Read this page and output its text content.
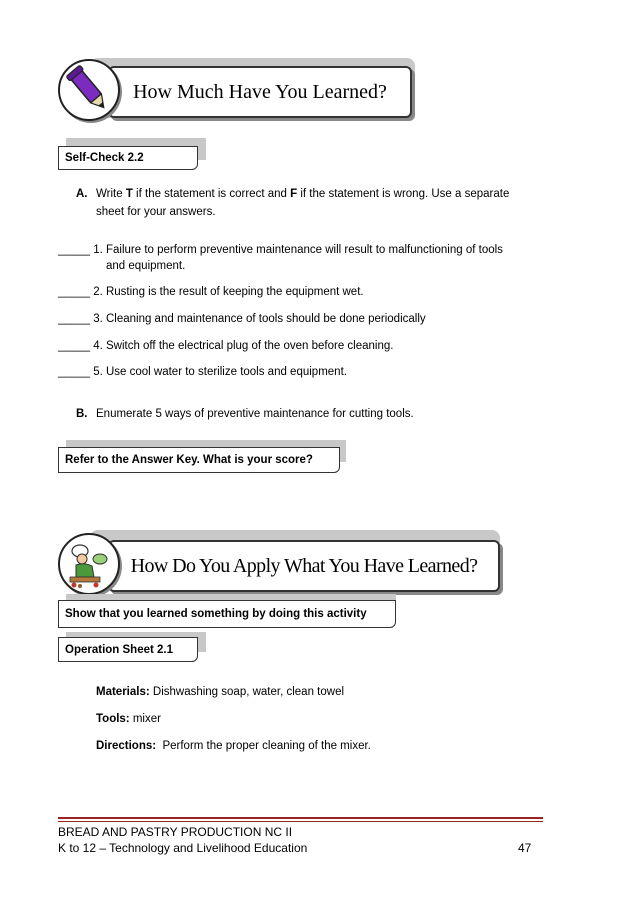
How Much Have You Learned?
Self-Check 2.2
A. Write T if the statement is correct and F if the statement is wrong. Use a separate
sheet for your answers.
_____ 1. Failure to perform preventive maintenance will result to malfunctioning of tools
and equipment.
_____ 2. Rusting is the result of keeping the equipment wet.
_____ 3. Cleaning and maintenance of tools should be done periodically
_____ 4. Switch off the electrical plug of the oven before cleaning.
_____ 5. Use cool water to sterilize tools and equipment.
B. Enumerate 5 ways of preventive maintenance for cutting tools.
Refer to the Answer Key. What is your score?
How Do You Apply What You Have Learned?
Show that you learned something by doing this activity
Operation Sheet 2.1
Materials: Dishwashing soap, water, clean towel
Tools: mixer
Directions:  Perform the proper cleaning of the mixer.
BREAD AND PASTRY PRODUCTION NC II
K to 12 – Technology and Livelihood Education	47
